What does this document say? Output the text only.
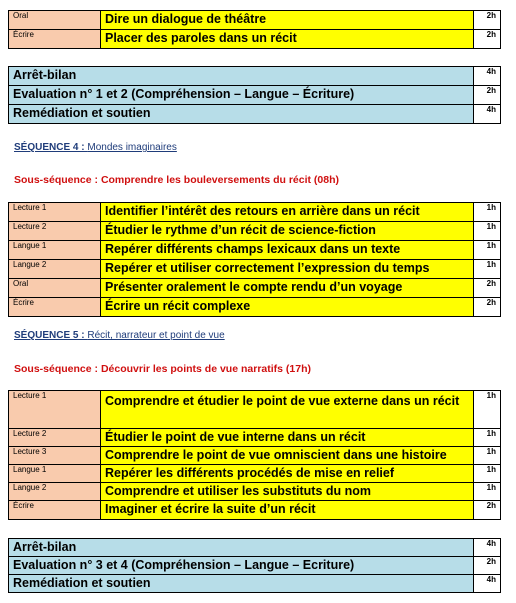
Oral	Dire un dialogue de théâtre	2h
Écrire	Placer des paroles dans un récit	2h
Arrêt-bilan	4h
Evaluation n° 1 et 2 (Compréhension – Langue – Écriture)	2h
Remédiation et soutien	4h
SÉQUENCE 4 : Mondes imaginaires
Sous-séquence : Comprendre les bouleversements du récit (08h)
Lecture 1	Identifier l’intérêt des retours en arrière dans un récit	1h
Lecture 2	Étudier le rythme d’un récit de science-fiction	1h
Langue 1	Repérer différents champs lexicaux dans un texte	1h
Langue 2	Repérer et utiliser correctement l’expression du temps	1h
Oral	Présenter oralement le compte rendu d’un voyage	2h
Écrire	Écrire un récit complexe	2h
SÉQUENCE 5 : Récit, narrateur et point de vue
Sous-séquence : Découvrir les points de vue narratifs (17h)
Lecture 1	Comprendre et étudier le point de vue externe dans un récit	1h
Lecture 2	Étudier le point de vue interne dans un récit	1h
Lecture 3	Comprendre le point de vue omniscient dans une histoire	1h
Langue 1	Repérer les différents procédés de mise en relief	1h
Langue 2	Comprendre et utiliser les substituts du nom	1h
Écrire	Imaginer et écrire la suite d’un récit	2h
Arrêt-bilan	4h
Evaluation n° 3 et 4 (Compréhension – Langue – Ecriture)	2h
Remédiation et soutien	4h
